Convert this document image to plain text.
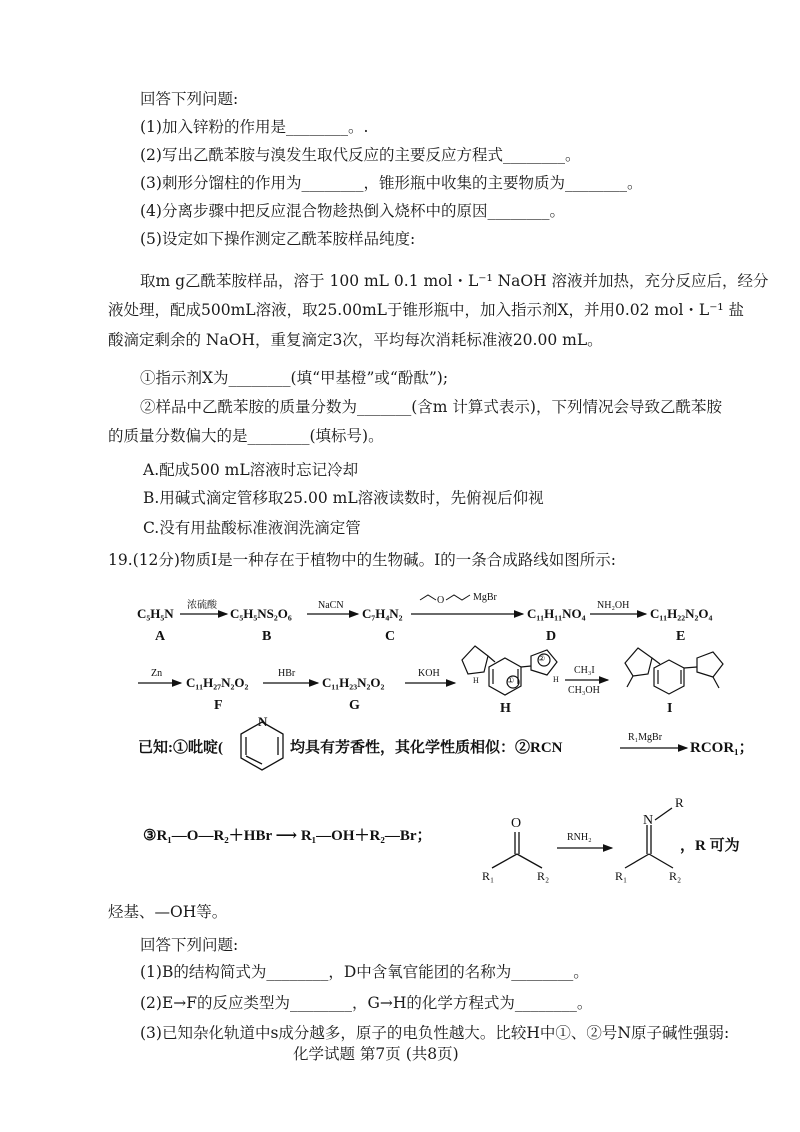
回答下列问题:
(1)加入锌粉的作用是________。.
(2)写出乙酰苯胺与溴发生取代反应的主要反应方程式________。
(3)刺形分馏柱的作用为________，锥形瓶中收集的主要物质为________。
(4)分离步骤中把反应混合物趁热倒入烧杯中的原因________。
(5)设定如下操作测定乙酰苯胺样品纯度:
取m g乙酰苯胺样品，溶于 100 mL 0.1 mol・L⁻¹ NaOH 溶液并加热，充分反应后，经分
液处理，配成500mL溶液，取25.00mL于锥形瓶中，加入指示剂X，并用0.02 mol・L⁻¹ 盐
酸滴定剩余的 NaOH，重复滴定3次，平均每次消耗标准液20.00 mL。
①指示剂X为________(填“甲基橙”或“酚酞”);
②样品中乙酰苯胺的质量分数为_______(含m 计算式表示)，下列情况会导致乙酰苯胺
的质量分数偏大的是________(填标号)。
A.配成500 mL溶液时忘记冷却
B.用碱式滴定管移取25.00 mL溶液读数时，先俯视后仰视
C.没有用盐酸标准液润洗滴定管
19.(12分)物质Ⅰ是一种存在于植物中的生物碱。Ⅰ的一条合成路线如图所示:
C₅H₅N
A
浓硫酸
C₅H₅NS₂O₆
B
NaCN
C₇H₄N₂
C
O	MgBr
C₁₁H₁₁NO₄
D
NH₂OH
C₁₁H₂₂N₂O₄
E
Zn
C₁₁H₂₇N₂O₂
F
HBr
C₁₁H₂₃N₂O₂
G
KOH
①
②
H	H
H
CH₃I
CH₃OH
I
已知:①吡啶(
N
均具有芳香性，其化学性质相似：②RCN
R₁MgBr
RCOR₁；
③R₁—O—R₂＋HBr ⟶ R₁—OH＋R₂—Br；
O
R₁	R₂
RNH₂
N
R
R₁	R₂
，R 可为
烃基、—OH等。
回答下列问题:
(1)B的结构简式为________，D中含氧官能团的名称为________。
(2)E→F的反应类型为________，G→H的化学方程式为________。
(3)已知杂化轨道中s成分越多，原子的电负性越大。比较H中①、②号N原子碱性强弱:
化学试题 第7页 (共8页)
